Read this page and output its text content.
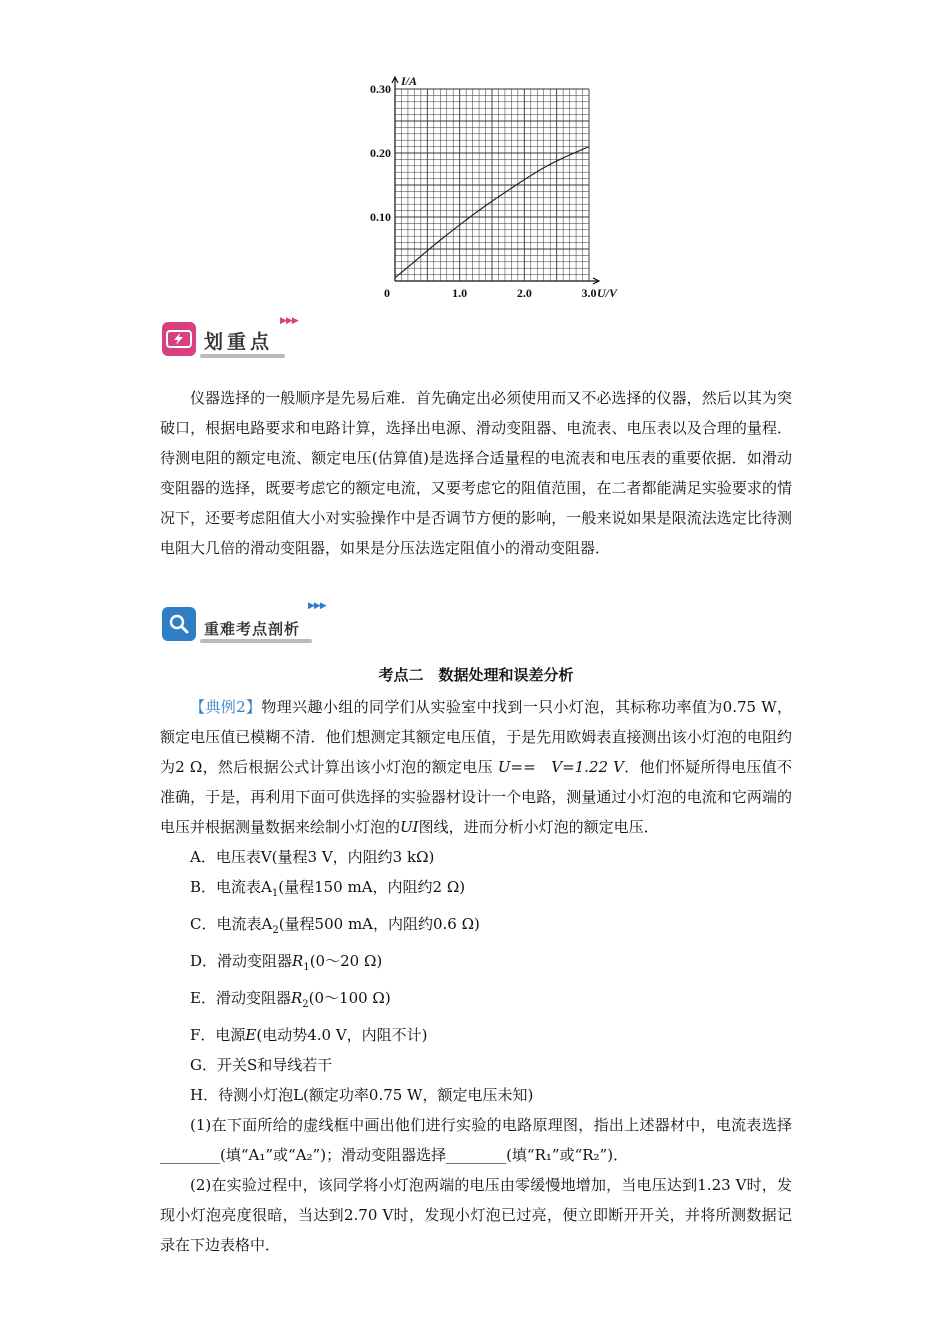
0	1.0	2.0	3.0
0.10
0.20
0.30
I/A
U/V
划重点
▶▶▶

仪器选择的一般顺序是先易后难．首先确定出必须使用而又不必选择的仪器，然后以其为突破口，根据电路要求和电路计算，选择出电源、滑动变阻器、电流表、电压表以及合理的量程．待测电阻的额定电流、额定电压(估算值)是选择合适量程的电流表和电压表的重要依据．如滑动变阻器的选择，既要考虑它的额定电流，又要考虑它的阻值范围，在二者都能满足实验要求的情况下，还要考虑阻值大小对实验操作中是否调节方便的影响，一般来说如果是限流法选定比待测电阻大几倍的滑动变阻器，如果是分压法选定阻值小的滑动变阻器．

重难考点剖析
▶▶▶
考点二　数据处理和误差分析

【典例2】物理兴趣小组的同学们从实验室中找到一只小灯泡，其标称功率值为0.75 W，额定电压值已模糊不清．他们想测定其额定电压值，于是先用欧姆表直接测出该小灯泡的电阻约为2 Ω，然后根据公式计算出该小灯泡的额定电压 U==　V=1.22 V．他们怀疑所得电压值不准确，于是，再利用下面可供选择的实验器材设计一个电路，测量通过小灯泡的电流和它两端的电压并根据测量数据来绘制小灯泡的UI图线，进而分析小灯泡的额定电压．

A．电压表V(量程3 V，内阻约3 kΩ)

B．电流表$A_1$(量程150 mA，内阻约2 Ω)

C．电流表$A_2$(量程500 mA，内阻约0.6 Ω)

D．滑动变阻器$R_1(0\sim 20$ Ω)

E．滑动变阻器$R_2(0\sim 100$ Ω)

F．电源E(电动势4.0 V，内阻不计)

G．开关S和导线若干

H．待测小灯泡L(额定功率0.75 W，额定电压未知)

(1)在下面所给的虚线框中画出他们进行实验的电路原理图，指出上述器材中，电流表选择________(填“A₁”或“A₂”)；滑动变阻器选择________(填“R₁”或“R₂”)．

(2)在实验过程中，该同学将小灯泡两端的电压由零缓慢地增加，当电压达到1.23 V时，发现小灯泡亮度很暗，当达到2.70 V时，发现小灯泡已过亮，便立即断开开关，并将所测数据记录在下边表格中．
